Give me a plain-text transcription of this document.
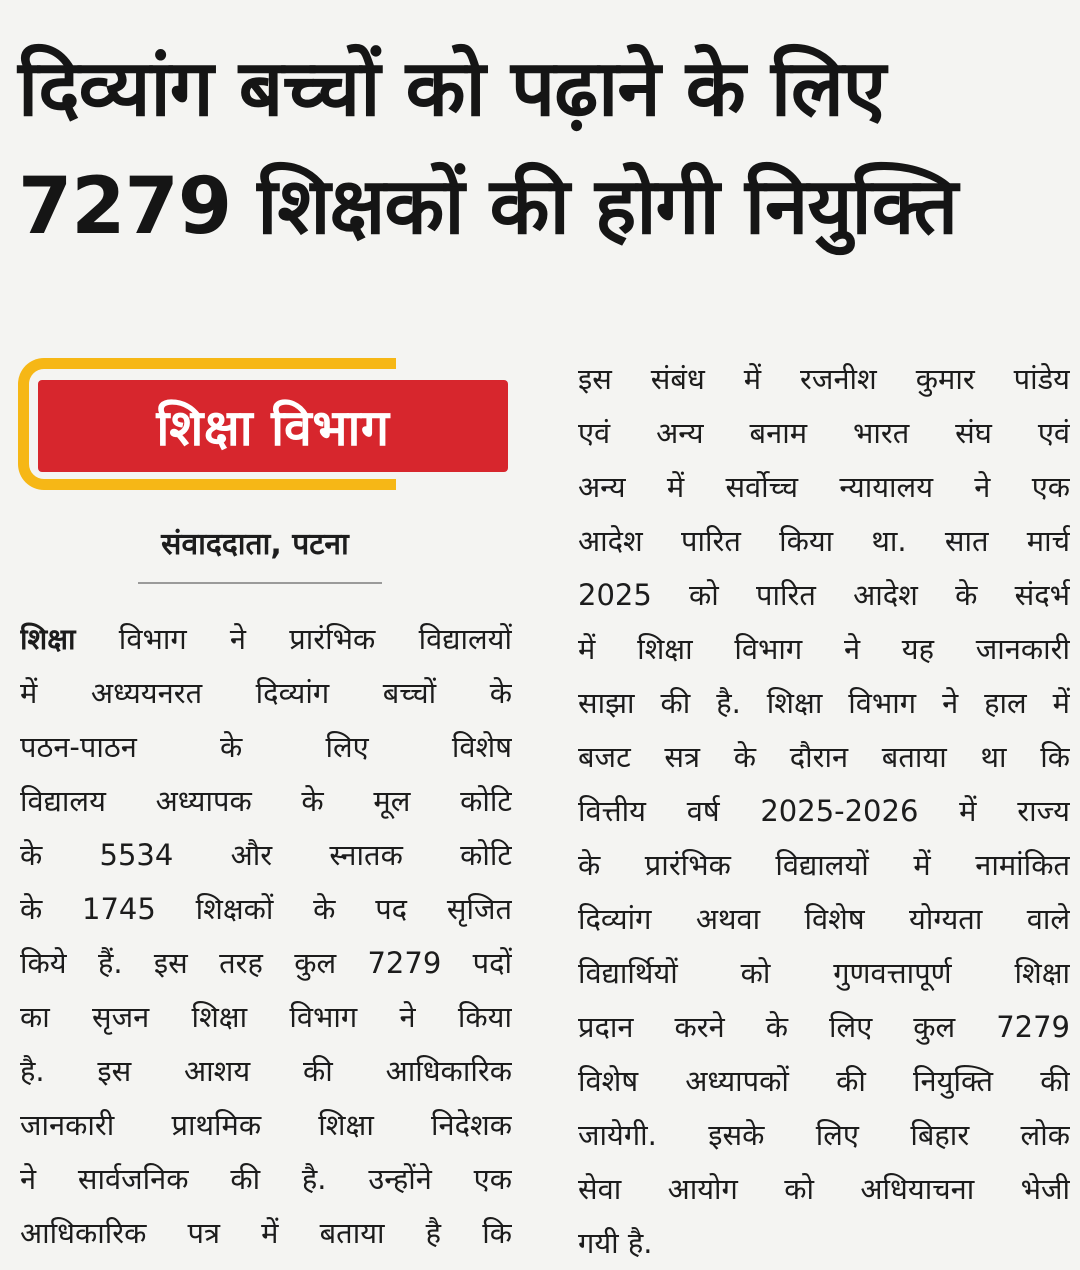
दिव्यांग बच्चों को पढ़ाने के लिए
7279 शिक्षकों की होगी नियुक्ति
शिक्षा विभाग
संवाददाता, पटना
शिक्षा विभाग ने प्रारंभिक विद्यालयों
में अध्ययनरत दिव्यांग बच्चों के
पठन-पाठन के लिए विशेष
विद्यालय अध्यापक के मूल कोटि
के 5534 और स्नातक कोटि
के 1745 शिक्षकों के पद सृजित
किये हैं. इस तरह कुल 7279 पदों
का सृजन शिक्षा विभाग ने किया
है. इस आशय की आधिकारिक
जानकारी प्राथमिक शिक्षा निदेशक
ने सार्वजनिक की है. उन्होंने एक
आधिकारिक पत्र में बताया है कि
इस संबंध में रजनीश कुमार पांडेय
एवं अन्य बनाम भारत संघ एवं
अन्य में सर्वोच्च न्यायालय ने एक
आदेश पारित किया था. सात मार्च
2025 को पारित आदेश के संदर्भ
में शिक्षा विभाग ने यह जानकारी
साझा की है. शिक्षा विभाग ने हाल में
बजट सत्र के दौरान बताया था कि
वित्तीय वर्ष 2025-2026 में राज्य
के प्रारंभिक विद्यालयों में नामांकित
दिव्यांग अथवा विशेष योग्यता वाले
विद्यार्थियों को गुणवत्तापूर्ण शिक्षा
प्रदान करने के लिए कुल 7279
विशेष अध्यापकों की नियुक्ति की
जायेगी. इसके लिए बिहार लोक
सेवा आयोग को अधियाचना भेजी
गयी है.
